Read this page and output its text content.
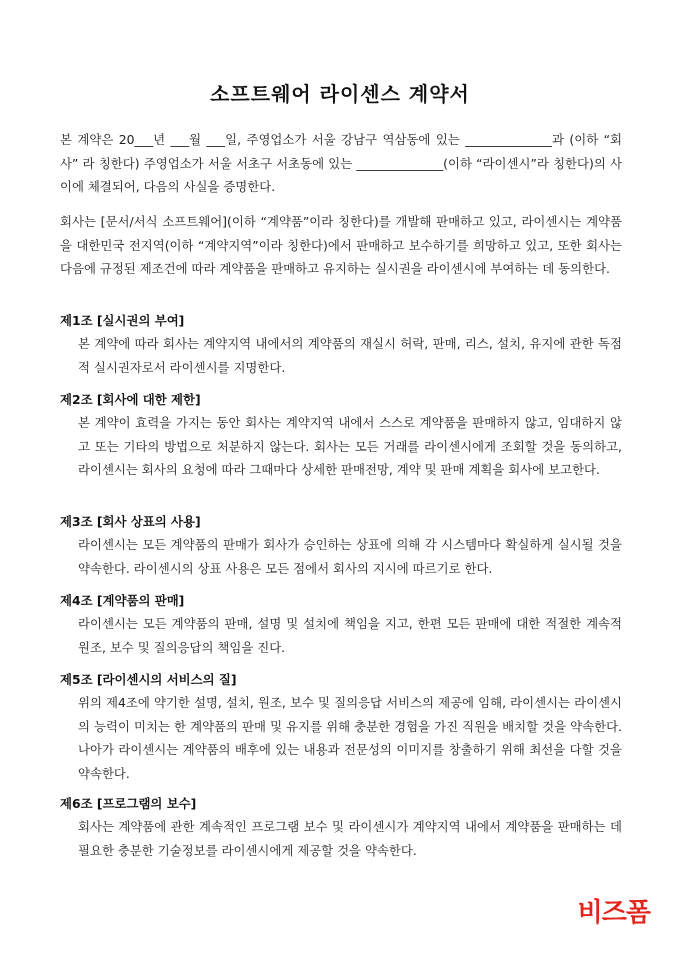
소프트웨어 라이센스 계약서
본 계약은 20___년 ___월 ___일, 주영업소가 서울 강남구 역삼동에 있는 ______________과 (이하 “회사” 라 칭한다) 주영업소가 서울 서초구 서초동에 있는 ______________(이하 “라이센시”라 칭한다)의 사이에 체결되어, 다음의 사실을 증명한다.
회사는 [문서/서식 소프트웨어](이하 “계약품”이라 칭한다)를 개발해 판매하고 있고, 라이센시는 계약품을 대한민국 전지역(이하 “계약지역”이라 칭한다)에서 판매하고 보수하기를 희망하고 있고, 또한 회사는 다음에 규정된 제조건에 따라 계약품을 판매하고 유지하는 실시권을 라이센시에 부여하는 데 동의한다.
제1조 [실시권의 부여]
본 계약에 따라 회사는 계약지역 내에서의 계약품의 재실시 허락, 판매, 리스, 설치, 유지에 관한 독점적 실시권자로서 라이센시를 지명한다.
제2조 [회사에 대한 제한]
본 계약이 효력을 가지는 동안 회사는 계약지역 내에서 스스로 계약품을 판매하지 않고, 임대하지 않고 또는 기타의 방법으로 처분하지 않는다. 회사는 모든 거래를 라이센시에게 조회할 것을 동의하고, 라이센시는 회사의 요청에 따라 그때마다 상세한 판매전망, 계약 및 판매 계획을 회사에 보고한다.
제3조 [회사 상표의 사용]
라이센시는 모든 계약품의 판매가 회사가 승인하는 상표에 의해 각 시스템마다 확실하게 실시될 것을 약속한다. 라이센시의 상표 사용은 모든 점에서 회사의 지시에 따르기로 한다.
제4조 [계약품의 판매]
라이센시는 모든 계약품의 판매, 설명 및 설치에 책임을 지고, 한편 모든 판매에 대한 적절한 계속적 원조, 보수 및 질의응답의 책임을 진다.
제5조 [라이센시의 서비스의 질]
위의 제4조에 약기한 설명, 설치, 원조, 보수 및 질의응답 서비스의 제공에 임해, 라이센시는 라이센시의 능력이 미치는 한 계약품의 판매 및 유지를 위해 충분한 경험을 가진 직원을 배치할 것을 약속한다. 나아가 라이센시는 계약품의 배후에 있는 내용과 전문성의 이미지를 창출하기 위해 최선을 다할 것을 약속한다.
제6조 [프로그램의 보수]
회사는 계약품에 관한 계속적인 프로그램 보수 및 라이센시가 계약지역 내에서 계약품을 판매하는 데 필요한 충분한 기술정보를 라이센시에게 제공할 것을 약속한다.
비즈폼
